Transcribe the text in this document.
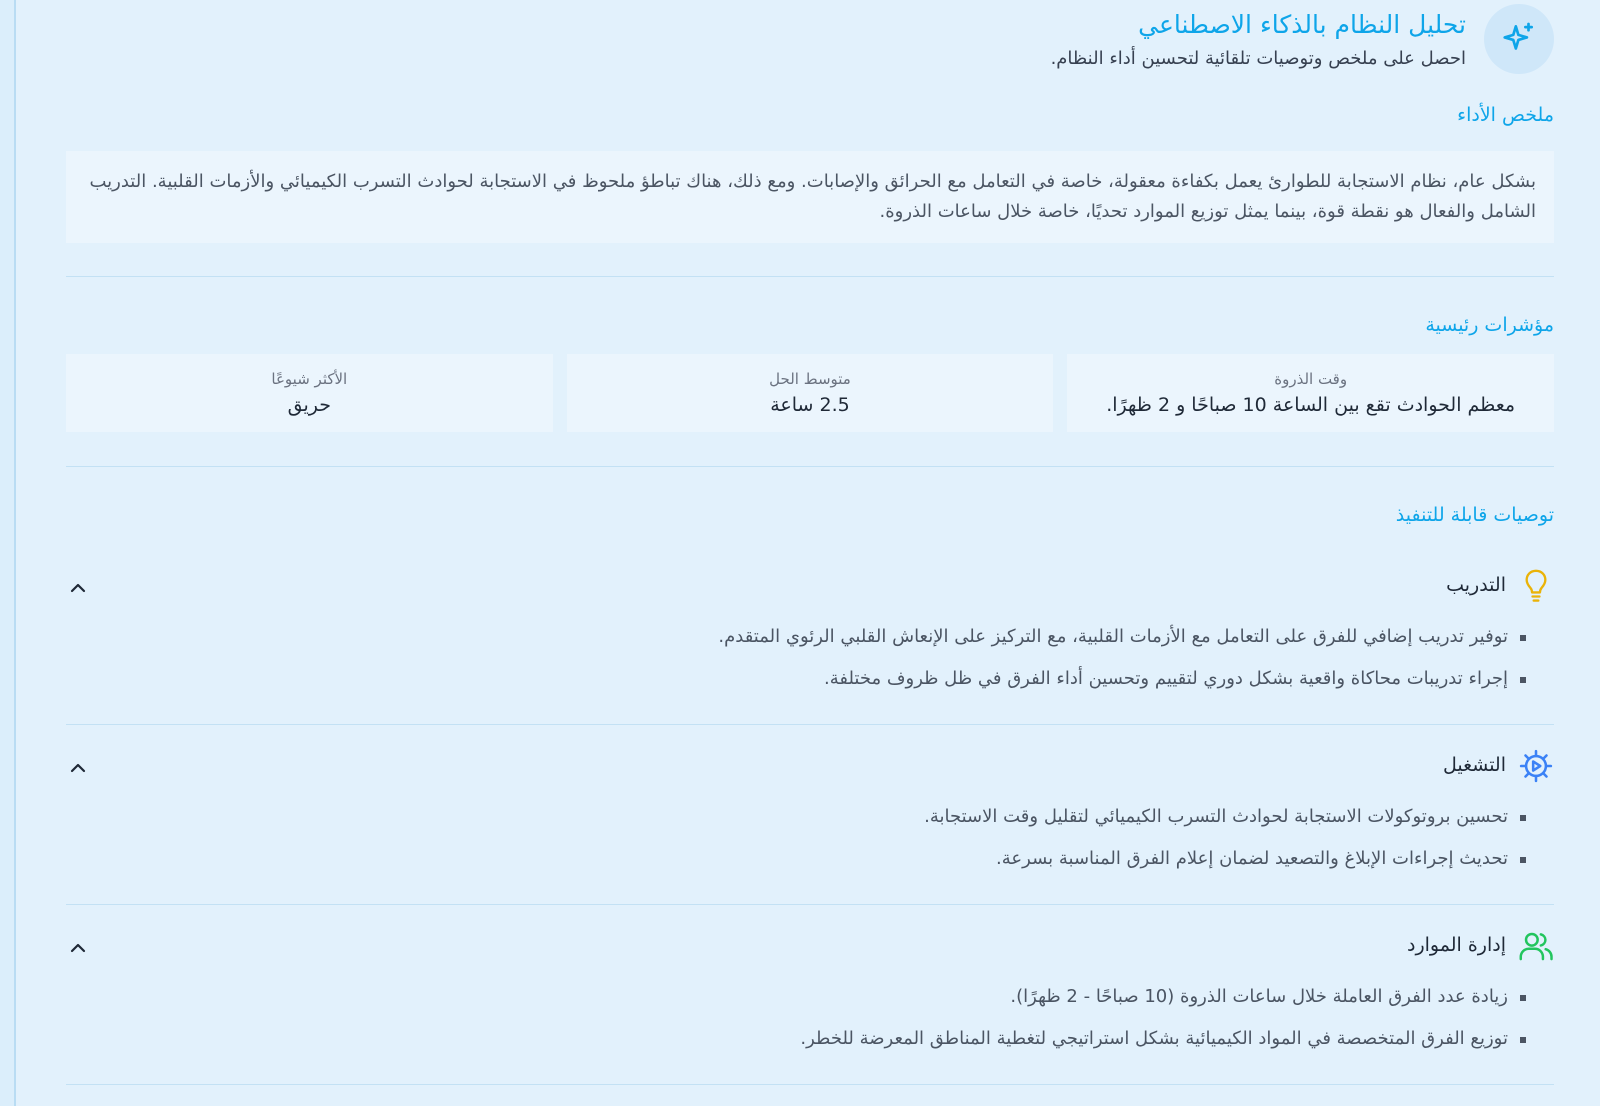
تحليل النظام بالذكاء الاصطناعي
احصل على ملخص وتوصيات تلقائية لتحسين أداء النظام.
ملخص الأداء
بشكل عام، نظام الاستجابة للطوارئ يعمل بكفاءة معقولة، خاصة في التعامل مع الحرائق والإصابات. ومع ذلك، هناك تباطؤ ملحوظ في الاستجابة لحوادث التسرب الكيميائي والأزمات القلبية. التدريب الشامل والفعال هو نقطة قوة، بينما يمثل توزيع الموارد تحديًا، خاصة خلال ساعات الذروة.
مؤشرات رئيسية
وقت الذروة
معظم الحوادث تقع بين الساعة 10 صباحًا و 2 ظهرًا.
متوسط الحل
2.5 ساعة
الأكثر شيوعًا
حريق
توصيات قابلة للتنفيذ
التدريب
توفير تدريب إضافي للفرق على التعامل مع الأزمات القلبية، مع التركيز على الإنعاش القلبي الرئوي المتقدم.
إجراء تدريبات محاكاة واقعية بشكل دوري لتقييم وتحسين أداء الفرق في ظل ظروف مختلفة.
التشغيل
تحسين بروتوكولات الاستجابة لحوادث التسرب الكيميائي لتقليل وقت الاستجابة.
تحديث إجراءات الإبلاغ والتصعيد لضمان إعلام الفرق المناسبة بسرعة.
إدارة الموارد
زيادة عدد الفرق العاملة خلال ساعات الذروة (10 صباحًا - 2 ظهرًا).
توزيع الفرق المتخصصة في المواد الكيميائية بشكل استراتيجي لتغطية المناطق المعرضة للخطر.
